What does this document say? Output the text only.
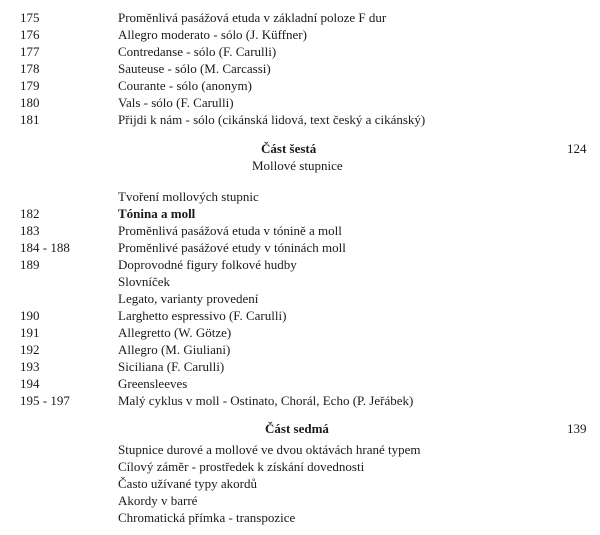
175	Proměnlivá pasážová etuda v základní poloze F dur
176	Allegro moderato - sólo (J. Küffner)
177	Contredanse - sólo (F. Carulli)
178	Sauteuse - sólo (M. Carcassi)
179	Courante - sólo (anonym)
180	Vals - sólo (F. Carulli)
181	Přijdi k nám - sólo (cikánská lidová, text český a cikánský)
Část šestá	124
Mollové stupnice
Tvoření mollových stupnic
182	Tónina a moll
183	Proměnlivá pasážová etuda v tónině a moll
184 - 188	Proměnlivé pasážové etudy v tóninách moll
189	Doprovodné figury folkové hudby
Slovníček
Legato, varianty provedení
190	Larghetto espressivo (F. Carulli)
191	Allegretto (W. Götze)
192	Allegro (M. Giuliani)
193	Siciliana (F. Carulli)
194	Greensleeves
195 - 197	Malý cyklus v moll - Ostinato, Chorál, Echo (P. Jeřábek)
Část sedmá	139
Stupnice durové a mollové ve dvou oktávách hrané typem
Cílový záměr - prostředek k získání dovednosti
Často užívané typy akordů
Akordy v barré
Chromatická přímka - transpozice
